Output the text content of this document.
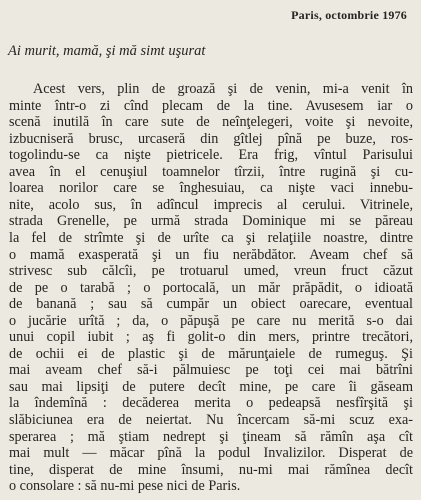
Paris, octombrie 1976
Ai murit, mamă, şi mă simt uşurat
Acest vers, plin de groază şi de venin, mi-a venit în
minte într-o zi cînd plecam de la tine. Avusesem iar o
scenă inutilă în care sute de neînţelegeri, voite şi nevoite,
izbucniseră brusc, urcaseră din gîtlej pînă pe buze, ros-
togolindu-se ca nişte pietricele. Era frig, vîntul Parisului
avea în el cenuşiul toamnelor tîrzii, între rugină şi cu-
loarea norilor care se înghesuiau, ca nişte vaci innebu-
nite, acolo sus, în adîncul imprecis al cerului. Vitrinele,
strada Grenelle, pe urmă strada Dominique mi se păreau
la fel de strîmte şi de urîte ca şi relaţiile noastre, dintre
o mamă exasperată şi un fiu nerăbdător. Aveam chef să
strivesc sub călcîi, pe trotuarul umed, vreun fruct căzut
de pe o tarabă ; o portocală, un măr prăpădit, o idioată
de banană ; sau să cumpăr un obiect oarecare, eventual
o jucărie urîtă ; da, o păpuşă pe care nu merită s-o dai
unui copil iubit ; aş fi golit-o din mers, printre trecători,
de ochii ei de plastic şi de mărunţaiele de rumeguş. Şi
mai aveam chef să-i pălmuiesc pe toţi cei mai bătrîni
sau mai lipsiţi de putere decît mine, pe care îi găseam
la îndemînă : decăderea merita o pedeapsă nesfîrşită şi
slăbiciunea era de neiertat. Nu încercam să-mi scuz exa-
sperarea ; mă ştiam nedrept şi ţineam să rămîn aşa cît
mai mult — măcar pînă la podul Invalizilor. Disperat de
tine, disperat de mine însumi, nu-mi mai rămînea decît
o consolare : să nu-mi pese nici de Paris.
